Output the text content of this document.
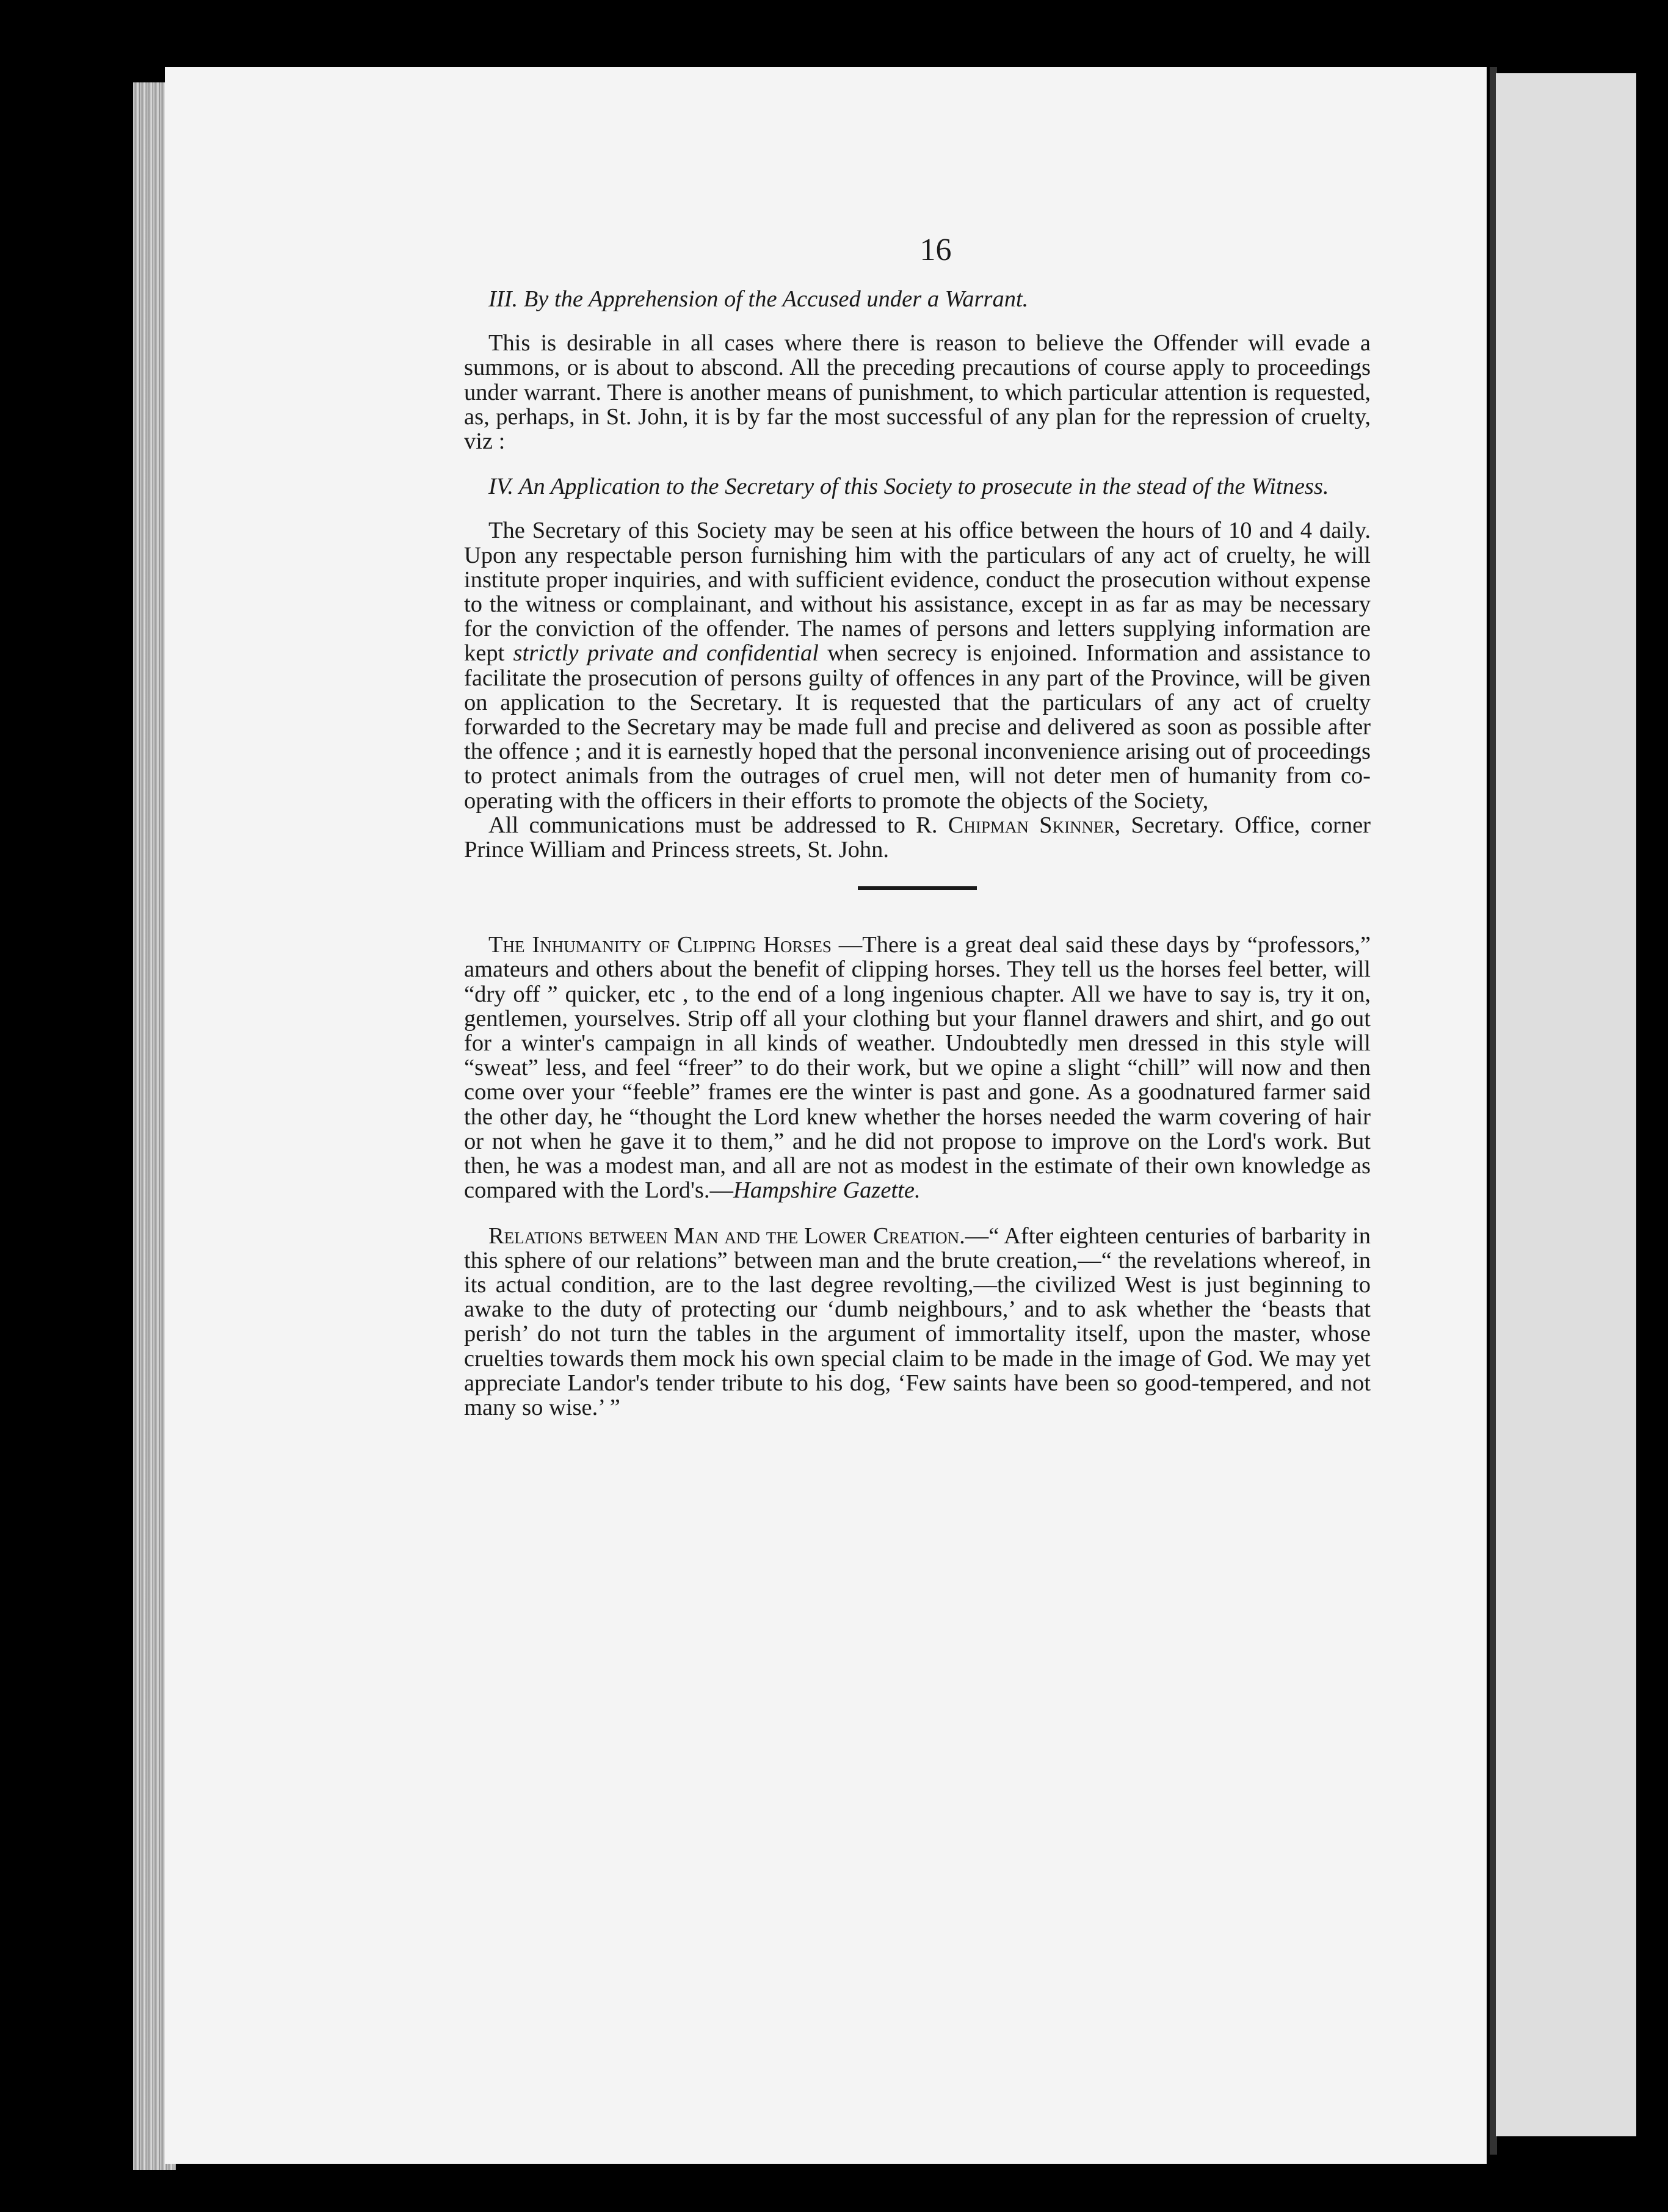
16

III. By the Apprehension of the Accused under a Warrant.

This is desirable in all cases where there is reason to believe the Offender will evade a summons, or is about to abscond. All the preceding precautions of course apply to proceedings under warrant. There is another means of punishment, to which particular attention is requested, as, perhaps, in St. John, it is by far the most successful of any plan for the repression of cruelty, viz :

IV. An Application to the Secretary of this Society to prosecute in the stead of the Witness.

The Secretary of this Society may be seen at his office between the hours of 10 and 4 daily. Upon any respectable person furnishing him with the particulars of any act of cruelty, he will institute proper inquiries, and with sufficient evidence, conduct the prosecution without expense to the witness or complainant, and without his assistance, except in as far as may be necessary for the conviction of the offender. The names of persons and letters supplying information are kept strictly private and confidential when secrecy is enjoined. Information and assistance to facilitate the prosecution of persons guilty of offences in any part of the Province, will be given on application to the Secretary. It is requested that the particulars of any act of cruelty forwarded to the Secretary may be made full and precise and delivered as soon as possible after the offence ; and it is earnestly hoped that the personal inconvenience arising out of proceedings to protect animals from the outrages of cruel men, will not deter men of humanity from co-operating with the officers in their efforts to promote the objects of the Society,

All communications must be addressed to R. Chipman Skinner, Secretary. Office, corner Prince William and Princess streets, St. John.

The Inhumanity of Clipping Horses —There is a great deal said these days by “professors,” amateurs and others about the benefit of clipping horses. They tell us the horses feel better, will “dry off ” quicker, etc , to the end of a long ingenious chapter. All we have to say is, try it on, gentlemen, yourselves. Strip off all your clothing but your flannel drawers and shirt, and go out for a winter's campaign in all kinds of weather. Undoubtedly men dressed in this style will “sweat” less, and feel “freer” to do their work, but we opine a slight “chill” will now and then come over your “feeble” frames ere the winter is past and gone. As a goodnatured farmer said the other day, he “thought the Lord knew whether the horses needed the warm covering of hair or not when he gave it to them,” and he did not propose to improve on the Lord's work. But then, he was a modest man, and all are not as modest in the estimate of their own knowledge as compared with the Lord's.—Hampshire Gazette.

Relations between Man and the Lower Creation.—“ After eighteen centuries of barbarity in this sphere of our relations” between man and the brute creation,—“ the revelations whereof, in its actual condition, are to the last degree revolting,—the civilized West is just beginning to awake to the duty of protecting our ‘dumb neighbours,’ and to ask whether the ‘beasts that perish’ do not turn the tables in the argument of immortality itself, upon the master, whose cruelties towards them mock his own special claim to be made in the image of God. We may yet appreciate Landor's tender tribute to his dog, ‘Few saints have been so good-tempered, and not many so wise.’ ”
